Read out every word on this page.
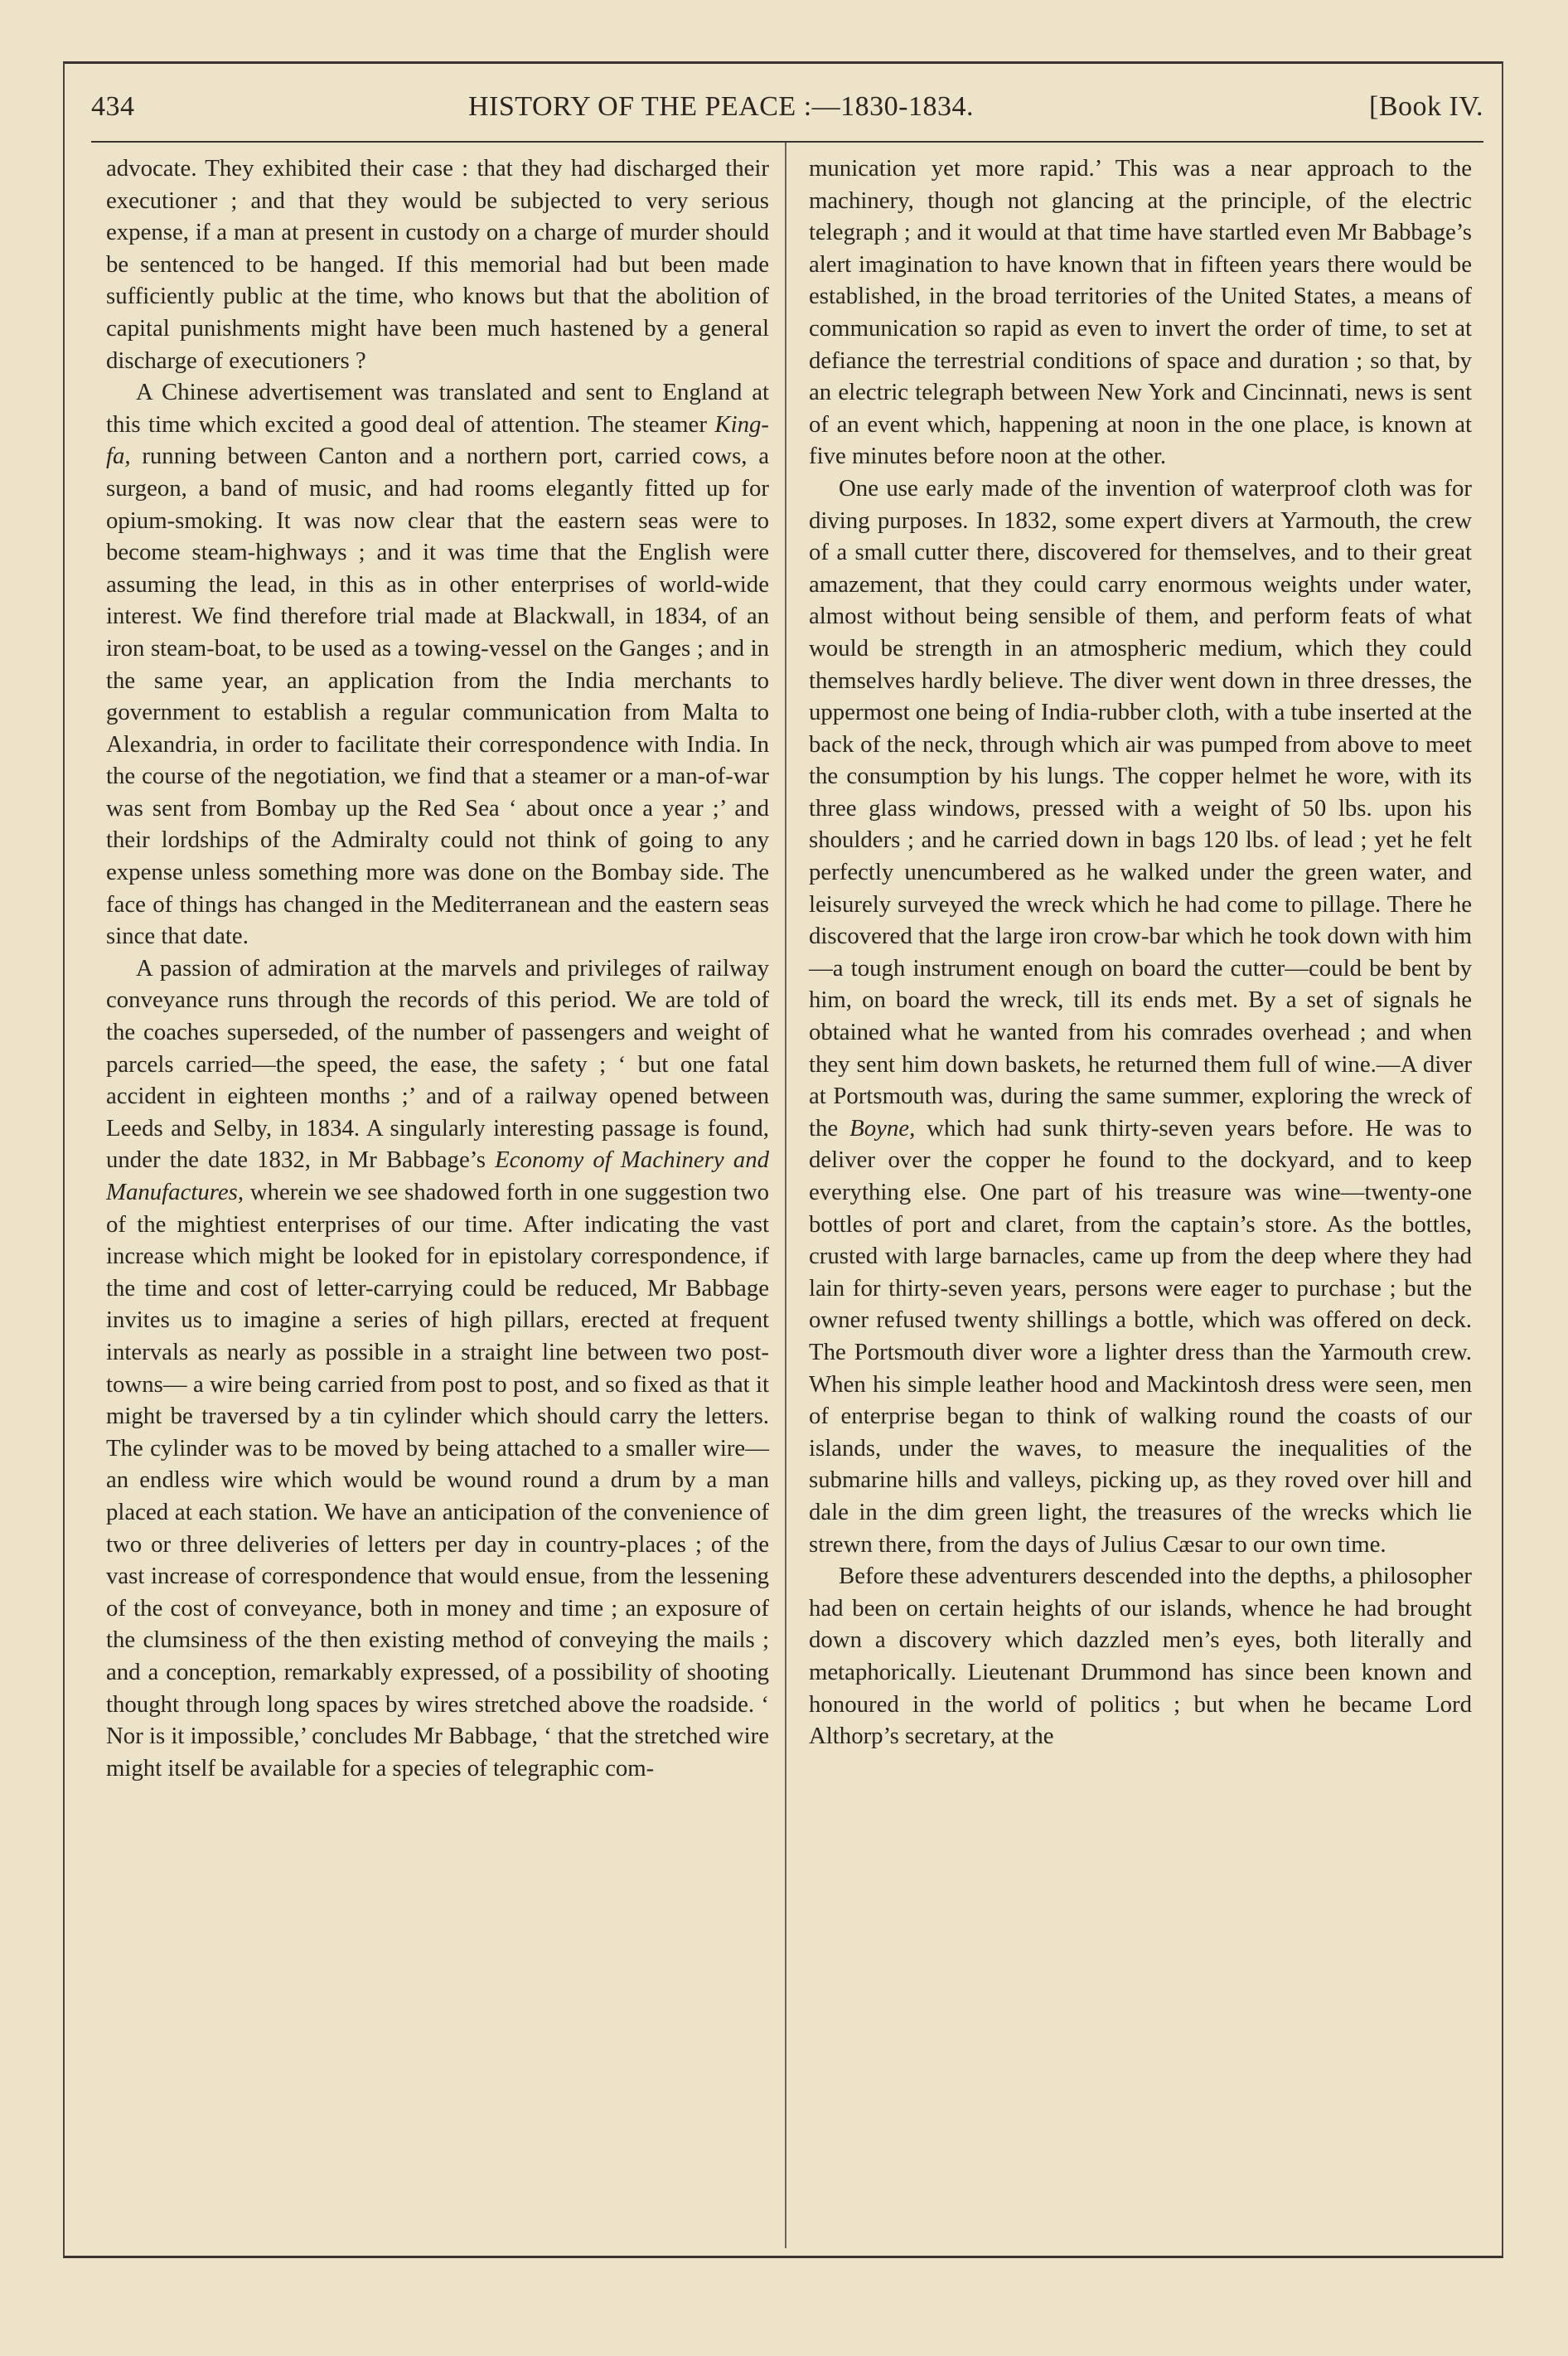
434	HISTORY OF THE PEACE :—1830-1834.	[Book IV.

advocate. They exhibited their case : that they had discharged their executioner ; and that they would be subjected to very serious expense, if a man at present in custody on a charge of murder should be sentenced to be hanged. If this memorial had but been made sufficiently public at the time, who knows but that the abolition of capital punishments might have been much hastened by a general discharge of executioners ?

A Chinese advertisement was translated and sent to England at this time which excited a good deal of attention. The steamer King-fa, running between Canton and a northern port, carried cows, a surgeon, a band of music, and had rooms elegantly fitted up for opium-smoking. It was now clear that the eastern seas were to become steam-highways ; and it was time that the English were assuming the lead, in this as in other enterprises of world-wide interest. We find therefore trial made at Blackwall, in 1834, of an iron steam-boat, to be used as a towing-vessel on the Ganges ; and in the same year, an application from the India merchants to government to establish a regular communication from Malta to Alexandria, in order to facilitate their correspondence with India. In the course of the negotiation, we find that a steamer or a man-of-war was sent from Bombay up the Red Sea ‘ about once a year ;’ and their lordships of the Admiralty could not think of going to any expense unless something more was done on the Bombay side. The face of things has changed in the Mediterranean and the eastern seas since that date.

A passion of admiration at the marvels and privileges of railway conveyance runs through the records of this period. We are told of the coaches superseded, of the number of passengers and weight of parcels carried—the speed, the ease, the safety ; ‘ but one fatal accident in eighteen months ;’ and of a railway opened between Leeds and Selby, in 1834. A singularly interesting passage is found, under the date 1832, in Mr Babbage’s Economy of Machinery and Manufactures, wherein we see shadowed forth in one suggestion two of the mightiest enterprises of our time. After indicating the vast increase which might be looked for in epistolary correspondence, if the time and cost of letter-carrying could be reduced, Mr Babbage invites us to imagine a series of high pillars, erected at frequent intervals as nearly as possible in a straight line between two post-towns— a wire being carried from post to post, and so fixed as that it might be traversed by a tin cylinder which should carry the letters. The cylinder was to be moved by being attached to a smaller wire—an endless wire which would be wound round a drum by a man placed at each station. We have an anticipation of the convenience of two or three deliveries of letters per day in country-places ; of the vast increase of correspondence that would ensue, from the lessening of the cost of conveyance, both in money and time ; an exposure of the clumsiness of the then existing method of conveying the mails ; and a conception, remarkably expressed, of a possibility of shooting thought through long spaces by wires stretched above the roadside. ‘ Nor is it impossible,’ concludes Mr Babbage, ‘ that the stretched wire might itself be available for a species of telegraphic com-

munication yet more rapid.’ This was a near approach to the machinery, though not glancing at the principle, of the electric telegraph ; and it would at that time have startled even Mr Babbage’s alert imagination to have known that in fifteen years there would be established, in the broad territories of the United States, a means of communication so rapid as even to invert the order of time, to set at defiance the terrestrial conditions of space and duration ; so that, by an electric telegraph between New York and Cincinnati, news is sent of an event which, happening at noon in the one place, is known at five minutes before noon at the other.

One use early made of the invention of waterproof cloth was for diving purposes. In 1832, some expert divers at Yarmouth, the crew of a small cutter there, discovered for themselves, and to their great amazement, that they could carry enormous weights under water, almost without being sensible of them, and perform feats of what would be strength in an atmospheric medium, which they could themselves hardly believe. The diver went down in three dresses, the uppermost one being of India-rubber cloth, with a tube inserted at the back of the neck, through which air was pumped from above to meet the consumption by his lungs. The copper helmet he wore, with its three glass windows, pressed with a weight of 50 lbs. upon his shoulders ; and he carried down in bags 120 lbs. of lead ; yet he felt perfectly unencumbered as he walked under the green water, and leisurely surveyed the wreck which he had come to pillage. There he discovered that the large iron crow-bar which he took down with him—a tough instrument enough on board the cutter—could be bent by him, on board the wreck, till its ends met. By a set of signals he obtained what he wanted from his comrades overhead ; and when they sent him down baskets, he returned them full of wine.—A diver at Portsmouth was, during the same summer, exploring the wreck of the Boyne, which had sunk thirty-seven years before. He was to deliver over the copper he found to the dockyard, and to keep everything else. One part of his treasure was wine—twenty-one bottles of port and claret, from the captain’s store. As the bottles, crusted with large barnacles, came up from the deep where they had lain for thirty-seven years, persons were eager to purchase ; but the owner refused twenty shillings a bottle, which was offered on deck. The Portsmouth diver wore a lighter dress than the Yarmouth crew. When his simple leather hood and Mackintosh dress were seen, men of enterprise began to think of walking round the coasts of our islands, under the waves, to measure the inequalities of the submarine hills and valleys, picking up, as they roved over hill and dale in the dim green light, the treasures of the wrecks which lie strewn there, from the days of Julius Cæsar to our own time.

Before these adventurers descended into the depths, a philosopher had been on certain heights of our islands, whence he had brought down a discovery which dazzled men’s eyes, both literally and metaphorically. Lieutenant Drummond has since been known and honoured in the world of politics ; but when he became Lord Althorp’s secretary, at the
